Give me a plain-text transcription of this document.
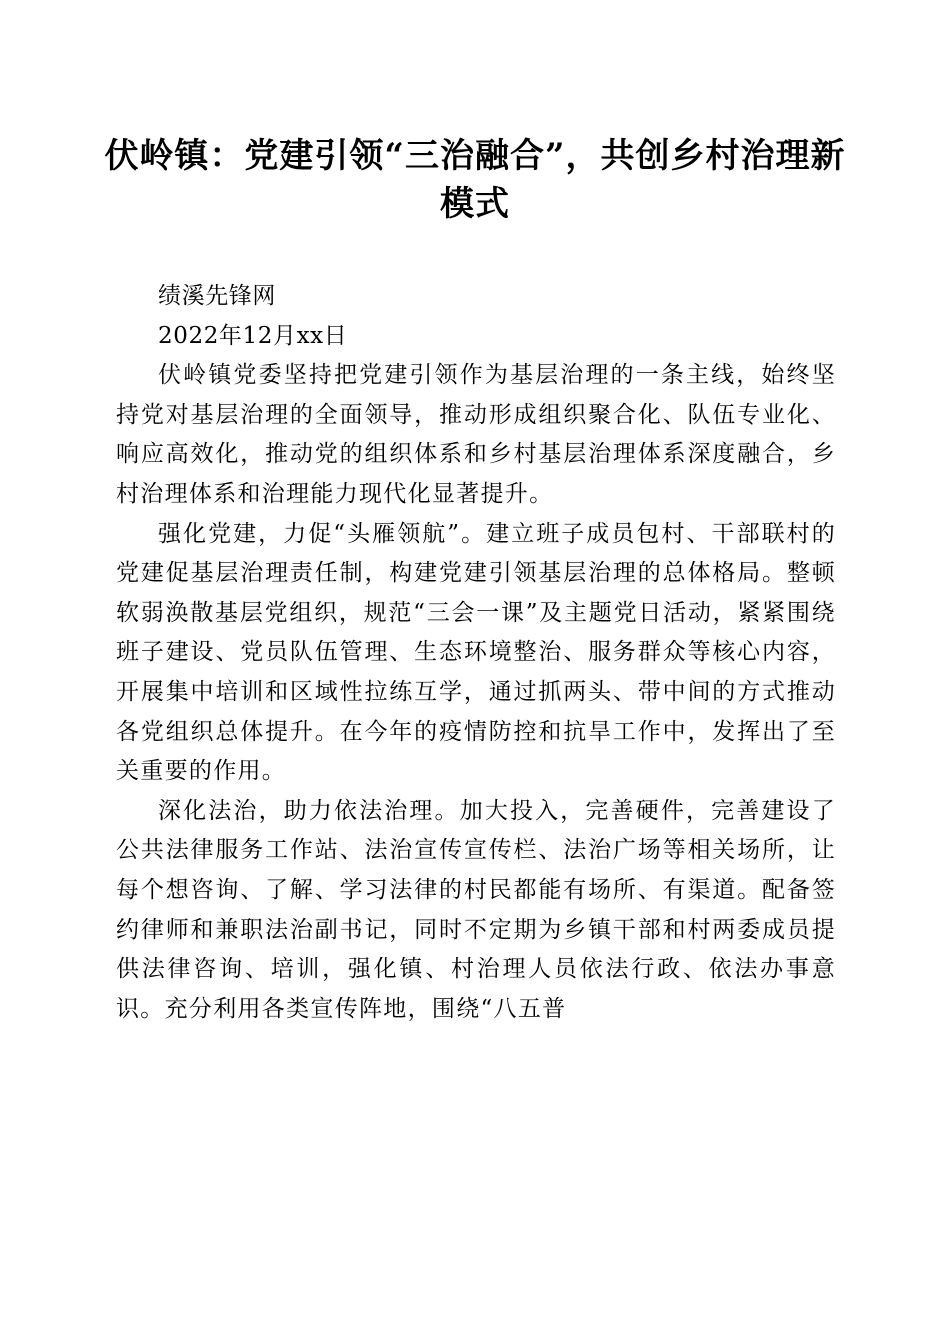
伏岭镇：党建引领“三治融合”，共创乡村治理新模式

绩溪先锋网

2022年12月xx日

伏岭镇党委坚持把党建引领作为基层治理的一条主线，始终坚持党对基层治理的全面领导，推动形成组织聚合化、队伍专业化、响应高效化，推动党的组织体系和乡村基层治理体系深度融合，乡村治理体系和治理能力现代化显著提升。

强化党建，力促“头雁领航”。建立班子成员包村、干部联村的党建促基层治理责任制，构建党建引领基层治理的总体格局。整顿软弱涣散基层党组织，规范“三会一课”及主题党日活动，紧紧围绕班子建设、党员队伍管理、生态环境整治、服务群众等核心内容，开展集中培训和区域性拉练互学，通过抓两头、带中间的方式推动各党组织总体提升。在今年的疫情防控和抗旱工作中，发挥出了至关重要的作用。

深化法治，助力依法治理。加大投入，完善硬件，完善建设了公共法律服务工作站、法治宣传宣传栏、法治广场等相关场所，让每个想咨询、了解、学习法律的村民都能有场所、有渠道。配备签约律师和兼职法治副书记，同时不定期为乡镇干部和村两委成员提供法律咨询、培训，强化镇、村治理人员依法行政、依法办事意识。充分利用各类宣传阵地，围绕“八五普
